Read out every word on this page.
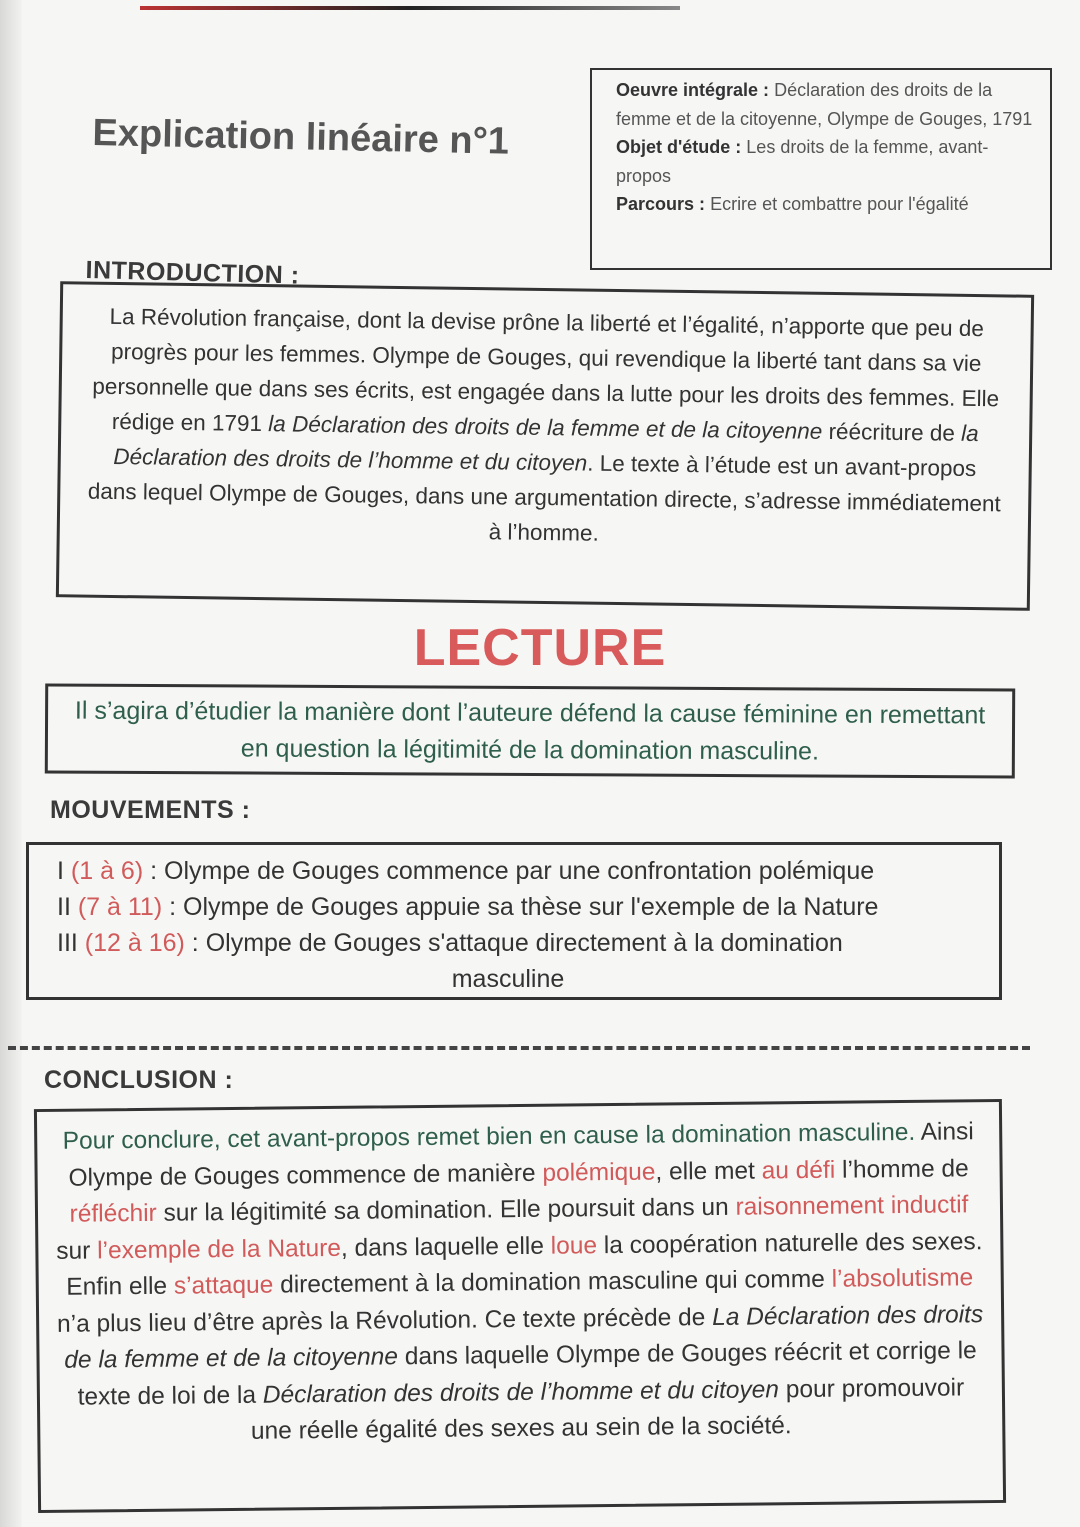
Explication linéaire n°1
Oeuvre intégrale : Déclaration des droits de la femme et de la citoyenne, Olympe de Gouges, 1791
Objet d'étude : Les droits de la femme, avant-propos
Parcours : Ecrire et combattre pour l'égalité
INTRODUCTION :
La Révolution française, dont la devise prône la liberté et l’égalité, n’apporte que peu de progrès pour les femmes. Olympe de Gouges, qui revendique la liberté tant dans sa vie personnelle que dans ses écrits, est engagée dans la lutte pour les droits des femmes. Elle rédige en 1791 la Déclaration des droits de la femme et de la citoyenne réécriture de la Déclaration des droits de l’homme et du citoyen. Le texte à l’étude est un avant-propos dans lequel Olympe de Gouges, dans une argumentation directe, s’adresse immédiatement à l’homme.
LECTURE
Il s’agira d’étudier la manière dont l’auteure défend la cause féminine en remettant en question la légitimité de la domination masculine.
MOUVEMENTS :
I (1 à 6) : Olympe de Gouges commence par une confrontation polémique
II (7 à 11) : Olympe de Gouges appuie sa thèse sur l'exemple de la Nature
III (12 à 16) : Olympe de Gouges s'attaque directement à la domination
masculine
CONCLUSION :
Pour conclure, cet avant-propos remet bien en cause la domination masculine. Ainsi Olympe de Gouges commence de manière polémique, elle met au défi l’homme de réfléchir sur la légitimité sa domination. Elle poursuit dans un raisonnement inductif sur l’exemple de la Nature, dans laquelle elle loue la coopération naturelle des sexes. Enfin elle s’attaque directement à la domination masculine qui comme l’absolutisme n’a plus lieu d’être après la Révolution. Ce texte précède de La Déclaration des droits de la femme et de la citoyenne dans laquelle Olympe de Gouges réécrit et corrige le texte de loi de la Déclaration des droits de l’homme et du citoyen pour promouvoir une réelle égalité des sexes au sein de la société.
